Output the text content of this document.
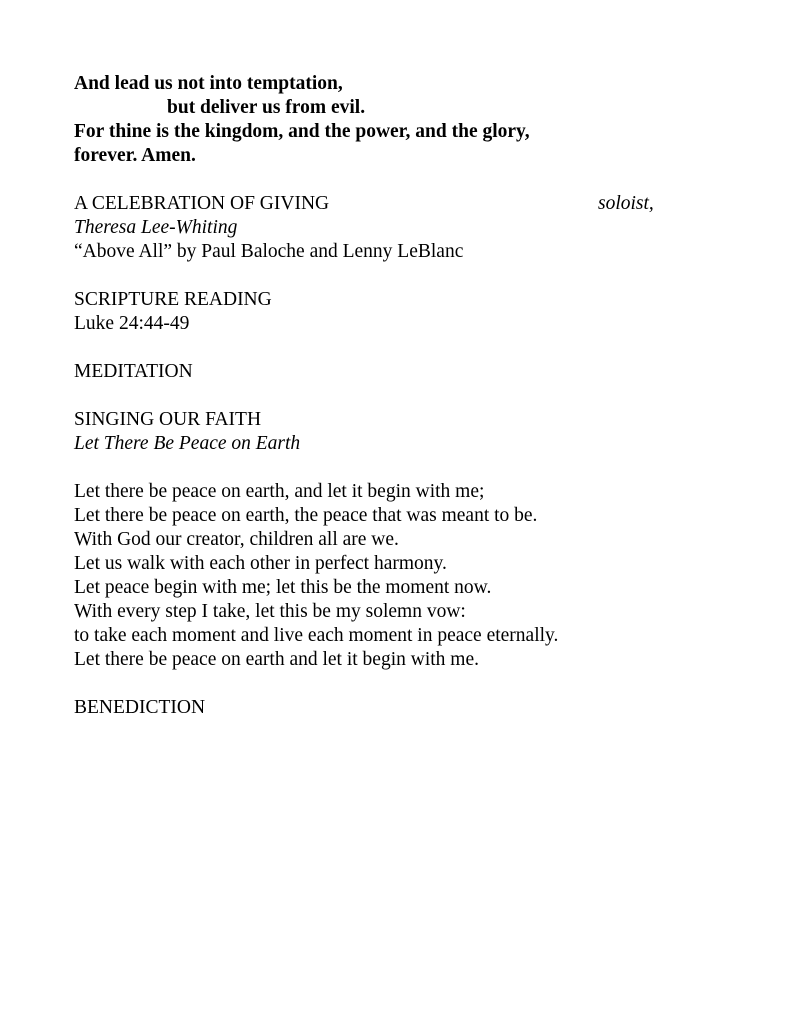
And lead us not into temptation,
but deliver us from evil.
For thine is the kingdom, and the power, and the glory,
forever. Amen.
A CELEBRATION OF GIVING	soloist,
Theresa Lee-Whiting
“Above All” by Paul Baloche and Lenny LeBlanc
SCRIPTURE READING
Luke 24:44-49
MEDITATION
SINGING OUR FAITH
Let There Be Peace on Earth
Let there be peace on earth, and let it begin with me;
Let there be peace on earth, the peace that was meant to be.
With God our creator, children all are we.
Let us walk with each other in perfect harmony.
Let peace begin with me; let this be the moment now.
With every step I take, let this be my solemn vow:
to take each moment and live each moment in peace eternally.
Let there be peace on earth and let it begin with me.
BENEDICTION
